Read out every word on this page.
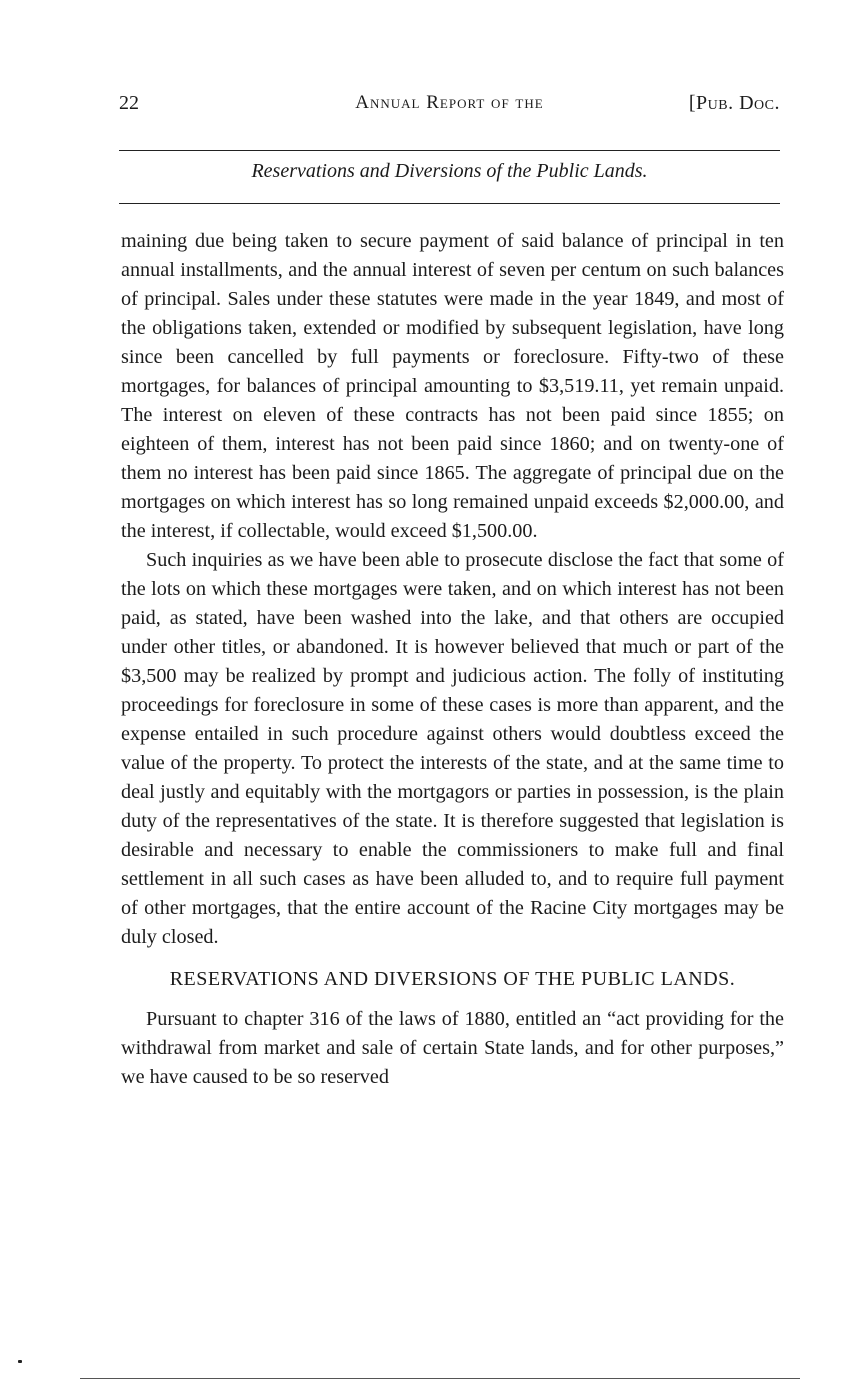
22	Annual Report of the	[Pub. Doc.
Reservations and Diversions of the Public Lands.

maining due being taken to secure payment of said balance of principal in ten annual installments, and the annual interest of seven per centum on such balances of principal. Sales under these statutes were made in the year 1849, and most of the obligations taken, extended or modified by subsequent legislation, have long since been cancelled by full payments or foreclosure. Fifty-two of these mortgages, for balances of principal amounting to $3,519.11, yet remain unpaid. The interest on eleven of these contracts has not been paid since 1855; on eighteen of them, interest has not been paid since 1860; and on twenty-one of them no interest has been paid since 1865. The aggregate of principal due on the mortgages on which interest has so long remained unpaid exceeds $2,000.00, and the interest, if collectable, would exceed $1,500.00.

Such inquiries as we have been able to prosecute disclose the fact that some of the lots on which these mortgages were taken, and on which interest has not been paid, as stated, have been washed into the lake, and that others are occupied under other titles, or abandoned. It is however believed that much or part of the $3,500 may be realized by prompt and judicious action. The folly of instituting proceedings for foreclosure in some of these cases is more than apparent, and the expense entailed in such procedure against others would doubtless exceed the value of the property. To protect the interests of the state, and at the same time to deal justly and equitably with the mortgagors or parties in possession, is the plain duty of the representatives of the state. It is therefore suggested that legislation is desirable and necessary to enable the commissioners to make full and final settlement in all such cases as have been alluded to, and to require full payment of other mortgages, that the entire account of the Racine City mortgages may be duly closed.

RESERVATIONS AND DIVERSIONS OF THE PUBLIC LANDS.

Pursuant to chapter 316 of the laws of 1880, entitled an “act providing for the withdrawal from market and sale of certain State lands, and for other purposes,” we have caused to be so reserved
